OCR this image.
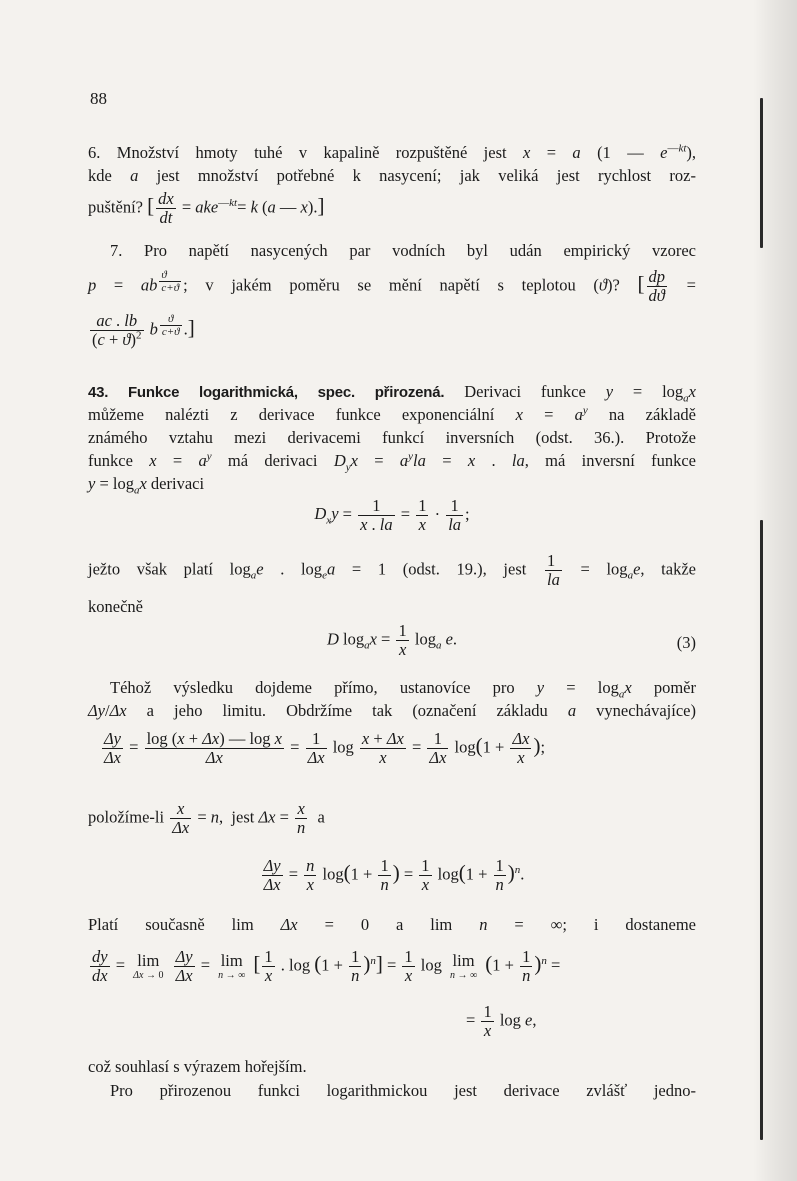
88
6. Množství hmoty tuhé v kapalině rozpuštěné jest x = a (1 — $e^{—kt}$),
kde a jest množství potřebné k nasycení; jak veliká jest rychlost roz-
puštění? [ $\frac{dx}{dt} = ake^{—kt}= k$ (a — x).]
7. Pro napětí nasycených par vodních byl udán empirický vzorec
p = ab $^{\frac{ϑ}{c+ϑ}}$ ; v jakém poměru se mění napětí s teplotou (ϑ)? [ $\frac{dp}{dϑ}$ =
$\frac{ac . lb}{(c + ϑ)^2}$ b $^{\frac{ϑ}{c+ϑ}}$ .]
43. Funkce logarithmická, spec. přirozená. Derivaci funkce $y = \log_ax$
můžeme nalézti z derivace funkce exponenciální $x = a^y$ na základě
známého vztahu mezi derivacemi funkcí inversních (odst. 36.). Protože
funkce $x = a^y$ má derivaci $D_yx = a^yla = x$ . la, má inversní funkce
$y = \log_ax$ derivaci
$D_xy = \frac{1}{x . la} = \frac{1}{x} \cdot \frac{1}{la}$ ;
ježto však platí $\log_ae$ . $\log_ea = 1$ (odst. 19.), jest $\frac{1}{la} = \log_ae$, takže
konečně
D $\log_ax = \frac{1}{x} \log_a e$.	(3)
Téhož výsledku dojdeme přímo, ustanovíce pro $y = \log_ax$ poměr
Δy/Δx a jeho limitu. Obdržíme tak (označení základu a vynechávajíce)
$\frac{\Delta y}{\Delta x} = \frac{\text{log (x + Δx) — log x}}{\Delta x} = \frac{1}{\Delta x}$ $\log \frac{x + \Delta x}{x} = \frac{1}{\Delta x} \log(1 + \frac{\Delta x}{x}$ );
položíme-li $\frac{x}{\Delta x} = n$,  jest $\Delta x = \frac{x}{n}$ a
$\frac{\Delta y}{\Delta x} = \frac{n}{x} \log(1 + \frac{1}{n}$ ) = $\frac{1}{x} \log(1 + \frac{1}{n} )^n$.
Platí současně lim Δx = 0 a lim n = ∞; i dostaneme
$\frac{dy}{dx} = \lim$
Δx → 0
$\frac{\Delta y}{\Delta x} = \lim$
n → ∞
[ $\frac{1}{x}$ . $\log (1 + \frac{1}{n} )^n] = \frac{1}{x}$ log lim
n → ∞
$(1 + \frac{1}{n} )^n$ =
= $\frac{1}{x}$ log e,
což souhlasí s výrazem hořejším.
Pro přirozenou funkci logarithmickou jest derivace zvlášť jedno-
